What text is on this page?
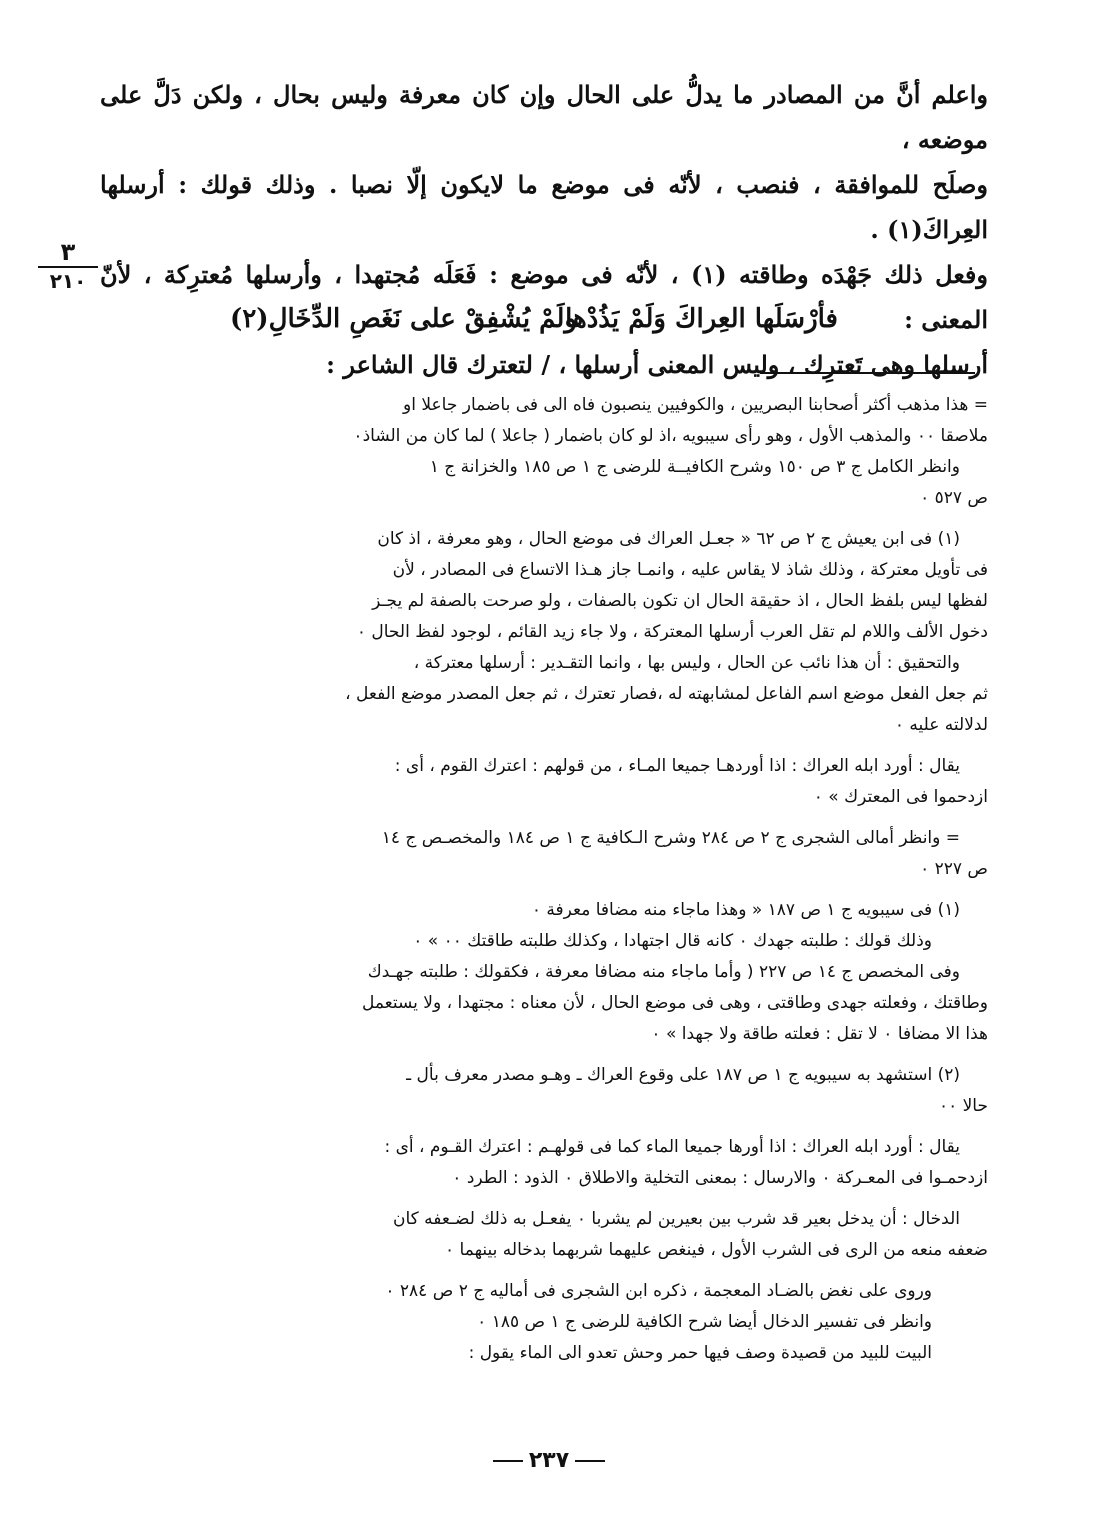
واعلم أنَّ من المصادر ما يدلُّ على الحال وإن كان معرفة وليس بحال ، ولكن دَلَّ على موضعه ،

وصلَح للموافقة ، فنصب ، لأنّه فى موضع ما لايكون إلّا نصبا . وذلك قولك : أرسلها العِراكَ(١) .

وفعل ذلك جَهْدَه وطاقته (١) ، لأنّه فى موضع : فَعَلَه مُجتهدا ، وأرسلها مُعترِكة ، لأنّ المعنى :

أرسلها وهى تَعترِك ، وليس المعنى أرسلها ، / لتعترك قال الشاعر :

٣
٢١٠
فأرْسَلَها العِراكَ وَلَمْ يَذُدْها
ولَمْ يُشْفِقْ على نَغَصِ الدِّخَالِ(٢)

= هذا مذهب أكثر أصحابنا البصريين ، والكوفيين ينصبون فاه الى فى باضمار جاعلا او

ملاصقا ٠٠ والمذهب الأول ، وهو رأى سيبويه ،اذ لو كان باضمار ( جاعلا ) لما كان من الشاذ٠

وانظر الكامل ج ٣ ص ١٥٠ وشرح الكافيــة للرضى ج ١ ص ١٨٥ والخزانة ج ١

ص ٥٢٧ ٠

(١) فى ابن يعيش ج ٢ ص ٦٢ « جعـل العراك فى موضع الحال ، وهو معرفة ، اذ كان

فى تأويل معتركة ، وذلك شاذ لا يقاس عليه ، وانمـا جاز هـذا الاتساع فى المصادر ، لأن

لفظها ليس بلفظ الحال ، اذ حقيقة الحال ان تكون بالصفات ، ولو صرحت بالصفة لم يجـز

دخول الألف واللام لم تقل العرب أرسلها المعتركة ، ولا جاء زيد القائم ، لوجود لفظ الحال ٠

والتحقيق : أن هذا نائب عن الحال ، وليس بها ، وانما التقـدير : أرسلها معتركة ،

ثم جعل الفعل موضع اسم الفاعل لمشابهته له ،فصار تعترك ، ثم جعل المصدر موضع الفعل ،

لدلالته عليه ٠

يقال : أورد ابله العراك : اذا أوردهـا جميعا المـاء ، من قولهم : اعترك القوم ، أى :

ازدحموا فى المعترك » ٠

= وانظر أمالى الشجرى ج ٢ ص ٢٨٤ وشرح الـكافية ج ١ ص ١٨٤ والمخصـص ج ١٤

ص ٢٢٧ ٠

(١) فى سيبويه ج ١ ص ١٨٧ « وهذا ماجاء منه مضافا معرفة ٠

وذلك قولك : طلبته جهدك ٠ كانه قال اجتهادا ، وكذلك طلبته طاقتك ٠٠ » ٠

وفى المخصص ج ١٤ ص ٢٢٧ ( وأما ماجاء منه مضافا معرفة ، فكقولك : طلبته جهـدك

وطاقتك ، وفعلته جهدى وطاقتى ، وهى فى موضع الحال ، لأن معناه : مجتهدا ، ولا يستعمل

هذا الا مضافا ٠ لا تقل : فعلته طاقة ولا جهدا » ٠

(٢) استشهد به سيبويه ج ١ ص ١٨٧ على وقوع العراك ـ وهـو مصدر معرف بأل ـ

حالا ٠٠

يقال : أورد ابله العراك : اذا أورها جميعا الماء كما فى قولهـم : اعترك القـوم ، أى :

ازدحمـوا فى المعـركة ٠ والارسال : بمعنى التخلية والاطلاق ٠ الذود : الطرد ٠

الدخال : أن يدخل بعير قد شرب بين بعيرين لم يشربا ٠ يفعـل به ذلك لضـعفه كان

ضعفه منعه من الرى فى الشرب الأول ، فينغص عليهما شربهما بدخاله بينهما ٠

وروى على نغض بالضـاد المعجمة ، ذكره ابن الشجرى فى أماليه ج ٢ ص ٢٨٤ ٠

وانظر فى تفسير الدخال أيضا شرح الكافية للرضى ج ١ ص ١٨٥ ٠

البيت للبيد من قصيدة وصف فيها حمر وحش تعدو الى الماء يقول :

٢٣٧
